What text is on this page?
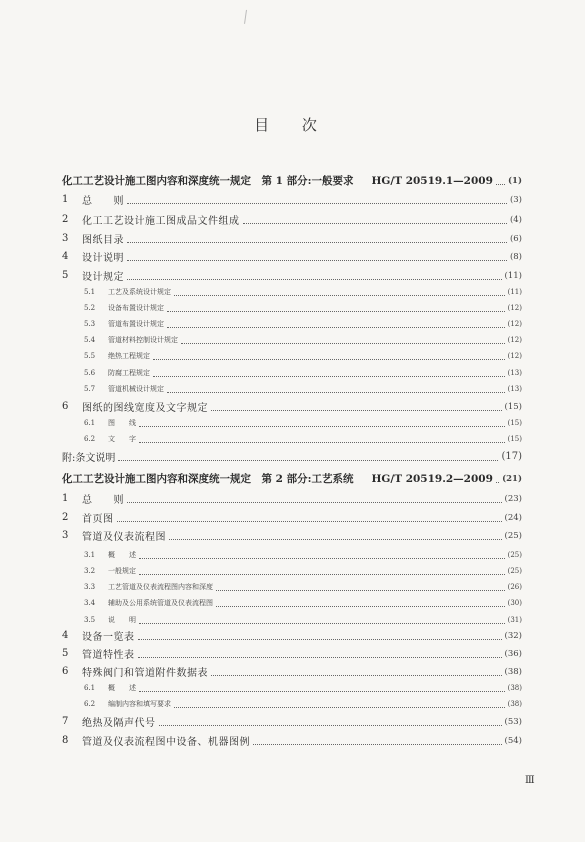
目 次
化工工艺设计施工图内容和深度统一规定　第 1 部分:一般要求 HG/T 20519.1—2009 (1)
1	总　　则	(3)
2	化工工艺设计施工图成品文件组成	(4)
3	图纸目录	(6)
4	设计说明	(8)
5	设计规定	(11)
5.1	工艺及系统设计规定	(11)
5.2	设备布置设计规定	(12)
5.3	管道布置设计规定	(12)
5.4	管道材料控制设计规定	(12)
5.5	绝热工程规定	(12)
5.6	防腐工程规定	(13)
5.7	管道机械设计规定	(13)
6	图纸的图线宽度及文字规定	(15)
6.1	图　　线	(15)
6.2	文　　字	(15)
附:条文说明	(17)
化工工艺设计施工图内容和深度统一规定　第 2 部分:工艺系统 HG/T 20519.2—2009 (21)
1	总　　则	(23)
2	首页图	(24)
3	管道及仪表流程图	(25)
3.1	概　　述	(25)
3.2	一般规定	(25)
3.3	工艺管道及仪表流程图内容和深度	(26)
3.4	辅助及公用系统管道及仪表流程图	(30)
3.5	说　　明	(31)
4	设备一览表	(32)
5	管道特性表	(36)
6	特殊阀门和管道附件数据表	(38)
6.1	概　　述	(38)
6.2	编制内容和填写要求	(38)
7	绝热及隔声代号	(53)
8	管道及仪表流程图中设备、机器图例	(54)
Ⅲ
